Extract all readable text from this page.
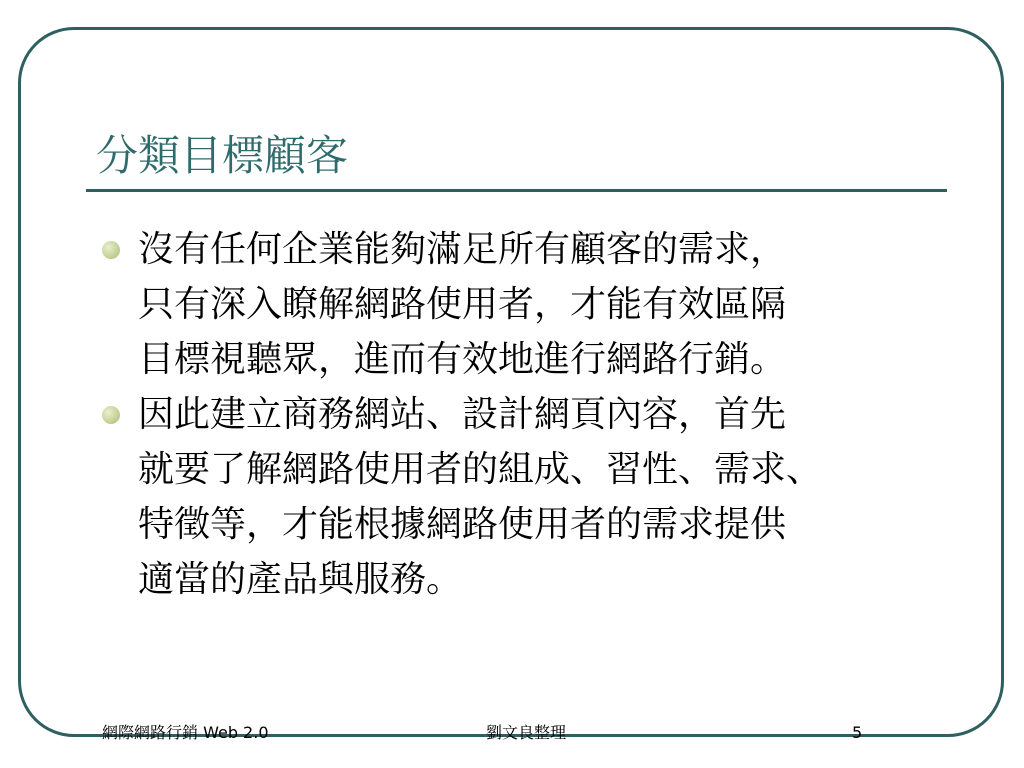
分類目標顧客
沒有任何企業能夠滿足所有顧客的需求，
只有深入瞭解網路使用者，才能有效區隔
目標視聽眾，進而有效地進行網路行銷。
因此建立商務網站、設計網頁內容，首先
就要了解網路使用者的組成、習性、需求、
特徵等，才能根據網路使用者的需求提供
適當的產品與服務。
網際網路行銷 Web 2.0	劉文良整理	5
